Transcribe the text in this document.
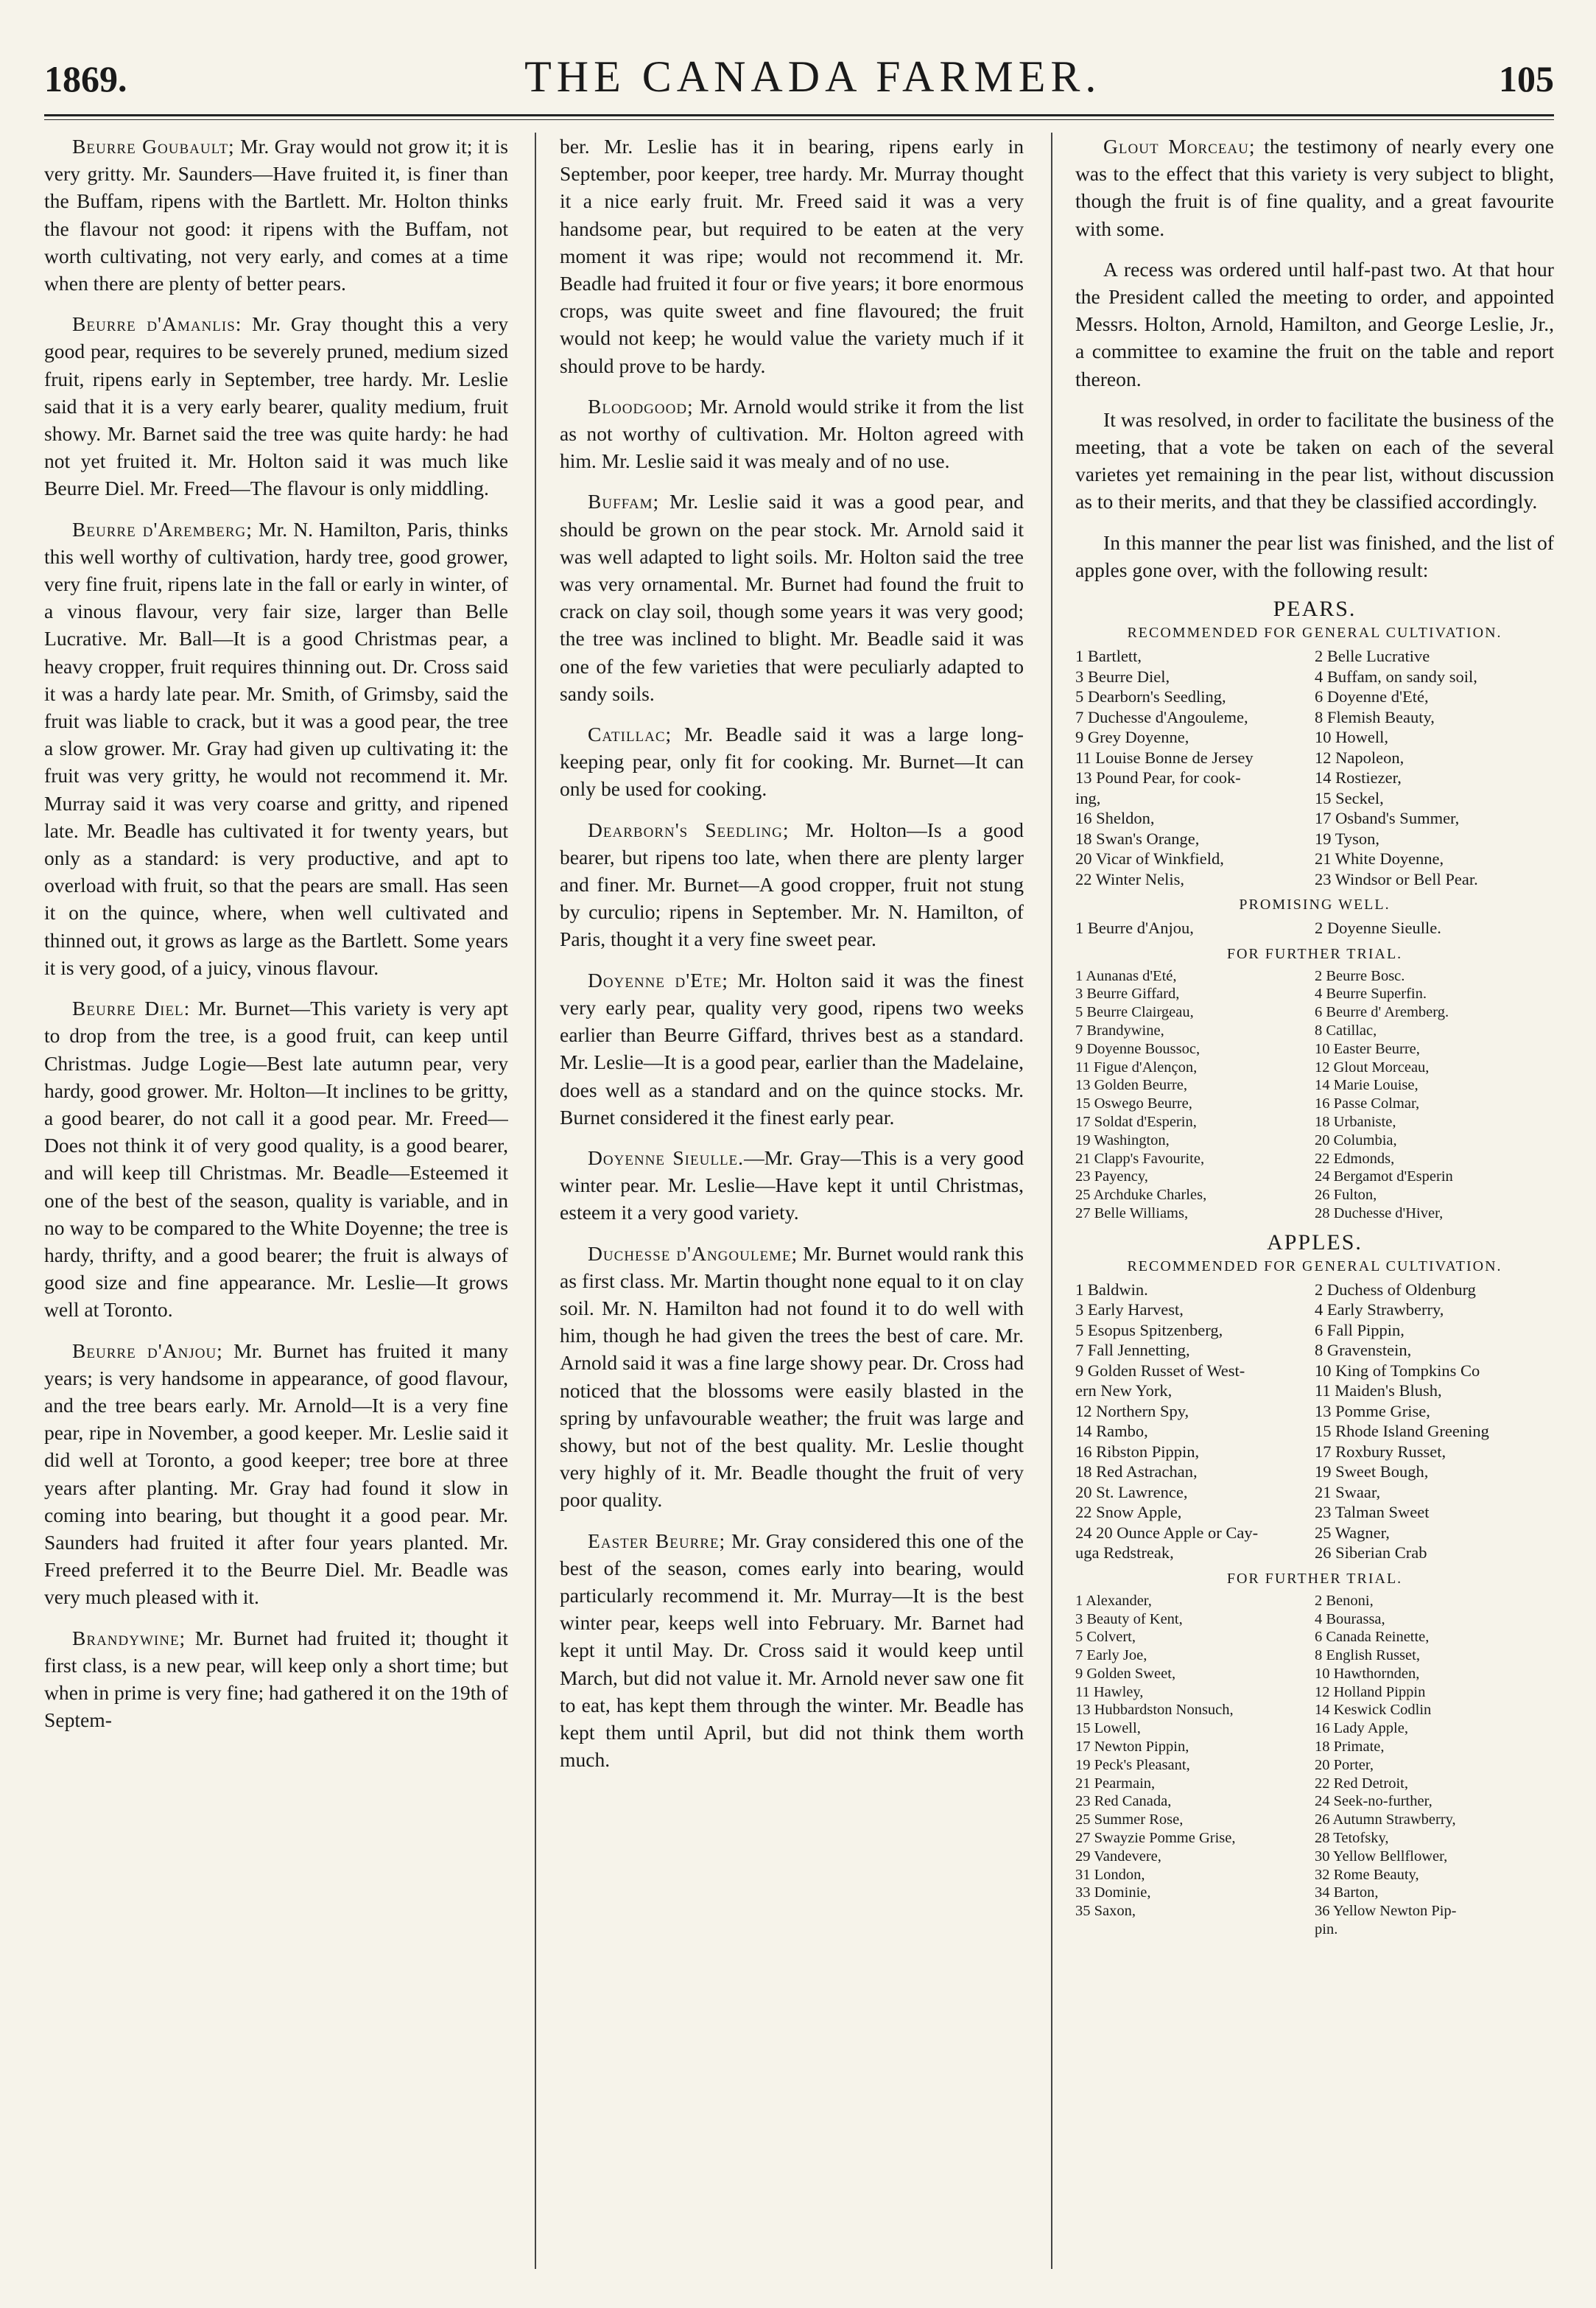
1869.	THE CANADA FARMER.	105

Beurre Goubault; Mr. Gray would not grow it; it is very gritty. Mr. Saunders—Have fruited it, is finer than the Buffam, ripens with the Bartlett. Mr. Holton thinks the flavour not good: it ripens with the Buffam, not worth cultivating, not very early, and comes at a time when there are plenty of better pears.

Beurre d'Amanlis: Mr. Gray thought this a very good pear, requires to be severely pruned, medium sized fruit, ripens early in September, tree hardy. Mr. Leslie said that it is a very early bearer, quality medium, fruit showy. Mr. Barnet said the tree was quite hardy: he had not yet fruited it. Mr. Holton said it was much like Beurre Diel. Mr. Freed—The flavour is only middling.

Beurre d'Aremberg; Mr. N. Hamilton, Paris, thinks this well worthy of cultivation, hardy tree, good grower, very fine fruit, ripens late in the fall or early in winter, of a vinous flavour, very fair size, larger than Belle Lucrative. Mr. Ball—It is a good Christmas pear, a heavy cropper, fruit requires thinning out. Dr. Cross said it was a hardy late pear. Mr. Smith, of Grimsby, said the fruit was liable to crack, but it was a good pear, the tree a slow grower. Mr. Gray had given up cultivating it: the fruit was very gritty, he would not recommend it. Mr. Murray said it was very coarse and gritty, and ripened late. Mr. Beadle has cultivated it for twenty years, but only as a standard: is very productive, and apt to overload with fruit, so that the pears are small. Has seen it on the quince, where, when well cultivated and thinned out, it grows as large as the Bartlett. Some years it is very good, of a juicy, vinous flavour.

Beurre Diel: Mr. Burnet—This variety is very apt to drop from the tree, is a good fruit, can keep until Christmas. Judge Logie—Best late autumn pear, very hardy, good grower. Mr. Holton—It inclines to be gritty, a good bearer, do not call it a good pear. Mr. Freed—Does not think it of very good quality, is a good bearer, and will keep till Christmas. Mr. Beadle—Esteemed it one of the best of the season, quality is variable, and in no way to be compared to the White Doyenne; the tree is hardy, thrifty, and a good bearer; the fruit is always of good size and fine appearance. Mr. Leslie—It grows well at Toronto.

Beurre d'Anjou; Mr. Burnet has fruited it many years; is very handsome in appearance, of good flavour, and the tree bears early. Mr. Arnold—It is a very fine pear, ripe in November, a good keeper. Mr. Leslie said it did well at Toronto, a good keeper; tree bore at three years after planting. Mr. Gray had found it slow in coming into bearing, but thought it a good pear. Mr. Saunders had fruited it after four years planted. Mr. Freed preferred it to the Beurre Diel. Mr. Beadle was very much pleased with it.

Brandywine; Mr. Burnet had fruited it; thought it first class, is a new pear, will keep only a short time; but when in prime is very fine; had gathered it on the 19th of Septem-

ber. Mr. Leslie has it in bearing, ripens early in September, poor keeper, tree hardy. Mr. Murray thought it a nice early fruit. Mr. Freed said it was a very handsome pear, but required to be eaten at the very moment it was ripe; would not recommend it. Mr. Beadle had fruited it four or five years; it bore enormous crops, was quite sweet and fine flavoured; the fruit would not keep; he would value the variety much if it should prove to be hardy.

Bloodgood; Mr. Arnold would strike it from the list as not worthy of cultivation. Mr. Holton agreed with him. Mr. Leslie said it was mealy and of no use.

Buffam; Mr. Leslie said it was a good pear, and should be grown on the pear stock. Mr. Arnold said it was well adapted to light soils. Mr. Holton said the tree was very ornamental. Mr. Burnet had found the fruit to crack on clay soil, though some years it was very good; the tree was inclined to blight. Mr. Beadle said it was one of the few varieties that were peculiarly adapted to sandy soils.

Catillac; Mr. Beadle said it was a large long-keeping pear, only fit for cooking. Mr. Burnet—It can only be used for cooking.

Dearborn's Seedling; Mr. Holton—Is a good bearer, but ripens too late, when there are plenty larger and finer. Mr. Burnet—A good cropper, fruit not stung by curculio; ripens in September. Mr. N. Hamilton, of Paris, thought it a very fine sweet pear.

Doyenne d'Ete; Mr. Holton said it was the finest very early pear, quality very good, ripens two weeks earlier than Beurre Giffard, thrives best as a standard. Mr. Leslie—It is a good pear, earlier than the Madelaine, does well as a standard and on the quince stocks. Mr. Burnet considered it the finest early pear.

Doyenne Sieulle.—Mr. Gray—This is a very good winter pear. Mr. Leslie—Have kept it until Christmas, esteem it a very good variety.

Duchesse d'Angouleme; Mr. Burnet would rank this as first class. Mr. Martin thought none equal to it on clay soil. Mr. N. Hamilton had not found it to do well with him, though he had given the trees the best of care. Mr. Arnold said it was a fine large showy pear. Dr. Cross had noticed that the blossoms were easily blasted in the spring by unfavourable weather; the fruit was large and showy, but not of the best quality. Mr. Leslie thought very highly of it. Mr. Beadle thought the fruit of very poor quality.

Easter Beurre; Mr. Gray considered this one of the best of the season, comes early into bearing, would particularly recommend it. Mr. Murray—It is the best winter pear, keeps well into February. Mr. Barnet had kept it until May. Dr. Cross said it would keep until March, but did not value it. Mr. Arnold never saw one fit to eat, has kept them through the winter. Mr. Beadle has kept them until April, but did not think them worth much.

Glout Morceau; the testimony of nearly every one was to the effect that this variety is very subject to blight, though the fruit is of fine quality, and a great favourite with some.

A recess was ordered until half-past two. At that hour the President called the meeting to order, and appointed Messrs. Holton, Arnold, Hamilton, and George Leslie, Jr., a committee to examine the fruit on the table and report thereon.

It was resolved, in order to facilitate the business of the meeting, that a vote be taken on each of the several varietes yet remaining in the pear list, without discussion as to their merits, and that they be classified accordingly.

In this manner the pear list was finished, and the list of apples gone over, with the following result:

PEARS.
RECOMMENDED FOR GENERAL CULTIVATION.
1 Bartlett,	2 Belle Lucrative
3 Beurre Diel,	4 Buffam, on sandy soil,
5 Dearborn's Seedling,	6 Doyenne d'Eté,
7 Duchesse d'Angouleme,	8 Flemish Beauty,
9 Grey Doyenne,	10 Howell,
11 Louise Bonne de Jersey	12 Napoleon,
13 Pound Pear, for cook-	14 Rostiezer,
ing,	15 Seckel,
16 Sheldon,	17 Osband's Summer,
18 Swan's Orange,	19 Tyson,
20 Vicar of Winkfield,	21 White Doyenne,
22 Winter Nelis,	23 Windsor or Bell Pear.
PROMISING WELL.
1 Beurre d'Anjou,	2 Doyenne Sieulle.
FOR FURTHER TRIAL.
1 Aunanas d'Eté,	2 Beurre Bosc.
3 Beurre Giffard,	4 Beurre Superfin.
5 Beurre Clairgeau,	6 Beurre d' Aremberg.
7 Brandywine,	8 Catillac,
9 Doyenne Boussoc,	10 Easter Beurre,
11 Figue d'Alençon,	12 Glout Morceau,
13 Golden Beurre,	14 Marie Louise,
15 Oswego Beurre,	16 Passe Colmar,
17 Soldat d'Esperin,	18 Urbaniste,
19 Washington,	20 Columbia,
21 Clapp's Favourite,	22 Edmonds,
23 Payency,	24 Bergamot d'Esperin
25 Archduke Charles,	26 Fulton,
27 Belle Williams,	28 Duchesse d'Hiver,
APPLES.
RECOMMENDED FOR GENERAL CULTIVATION.
1 Baldwin.	2 Duchess of Oldenburg
3 Early Harvest,	4 Early Strawberry,
5 Esopus Spitzenberg,	6 Fall Pippin,
7 Fall Jennetting,	8 Gravenstein,
9 Golden Russet of West-	10 King of Tompkins Co
ern New York,	11 Maiden's Blush,
12 Northern Spy,	13 Pomme Grise,
14 Rambo,	15 Rhode Island Greening
16 Ribston Pippin,	17 Roxbury Russet,
18 Red Astrachan,	19 Sweet Bough,
20 St. Lawrence,	21 Swaar,
22 Snow Apple,	23 Talman Sweet
24 20 Ounce Apple or Cay-	25 Wagner,
uga Redstreak,	26 Siberian Crab
FOR FURTHER TRIAL.
1 Alexander,	2 Benoni,
3 Beauty of Kent,	4 Bourassa,
5 Colvert,	6 Canada Reinette,
7 Early Joe,	8 English Russet,
9 Golden Sweet,	10 Hawthornden,
11 Hawley,	12 Holland Pippin
13 Hubbardston Nonsuch,	14 Keswick Codlin
15 Lowell,	16 Lady Apple,
17 Newton Pippin,	18 Primate,
19 Peck's Pleasant,	20 Porter,
21 Pearmain,	22 Red Detroit,
23 Red Canada,	24 Seek-no-further,
25 Summer Rose,	26 Autumn Strawberry,
27 Swayzie Pomme Grise,	28 Tetofsky,
29 Vandevere,	30 Yellow Bellflower,
31 London,	32 Rome Beauty,
33 Dominie,	34 Barton,
35 Saxon,	36 Yellow Newton Pip-
pin.
